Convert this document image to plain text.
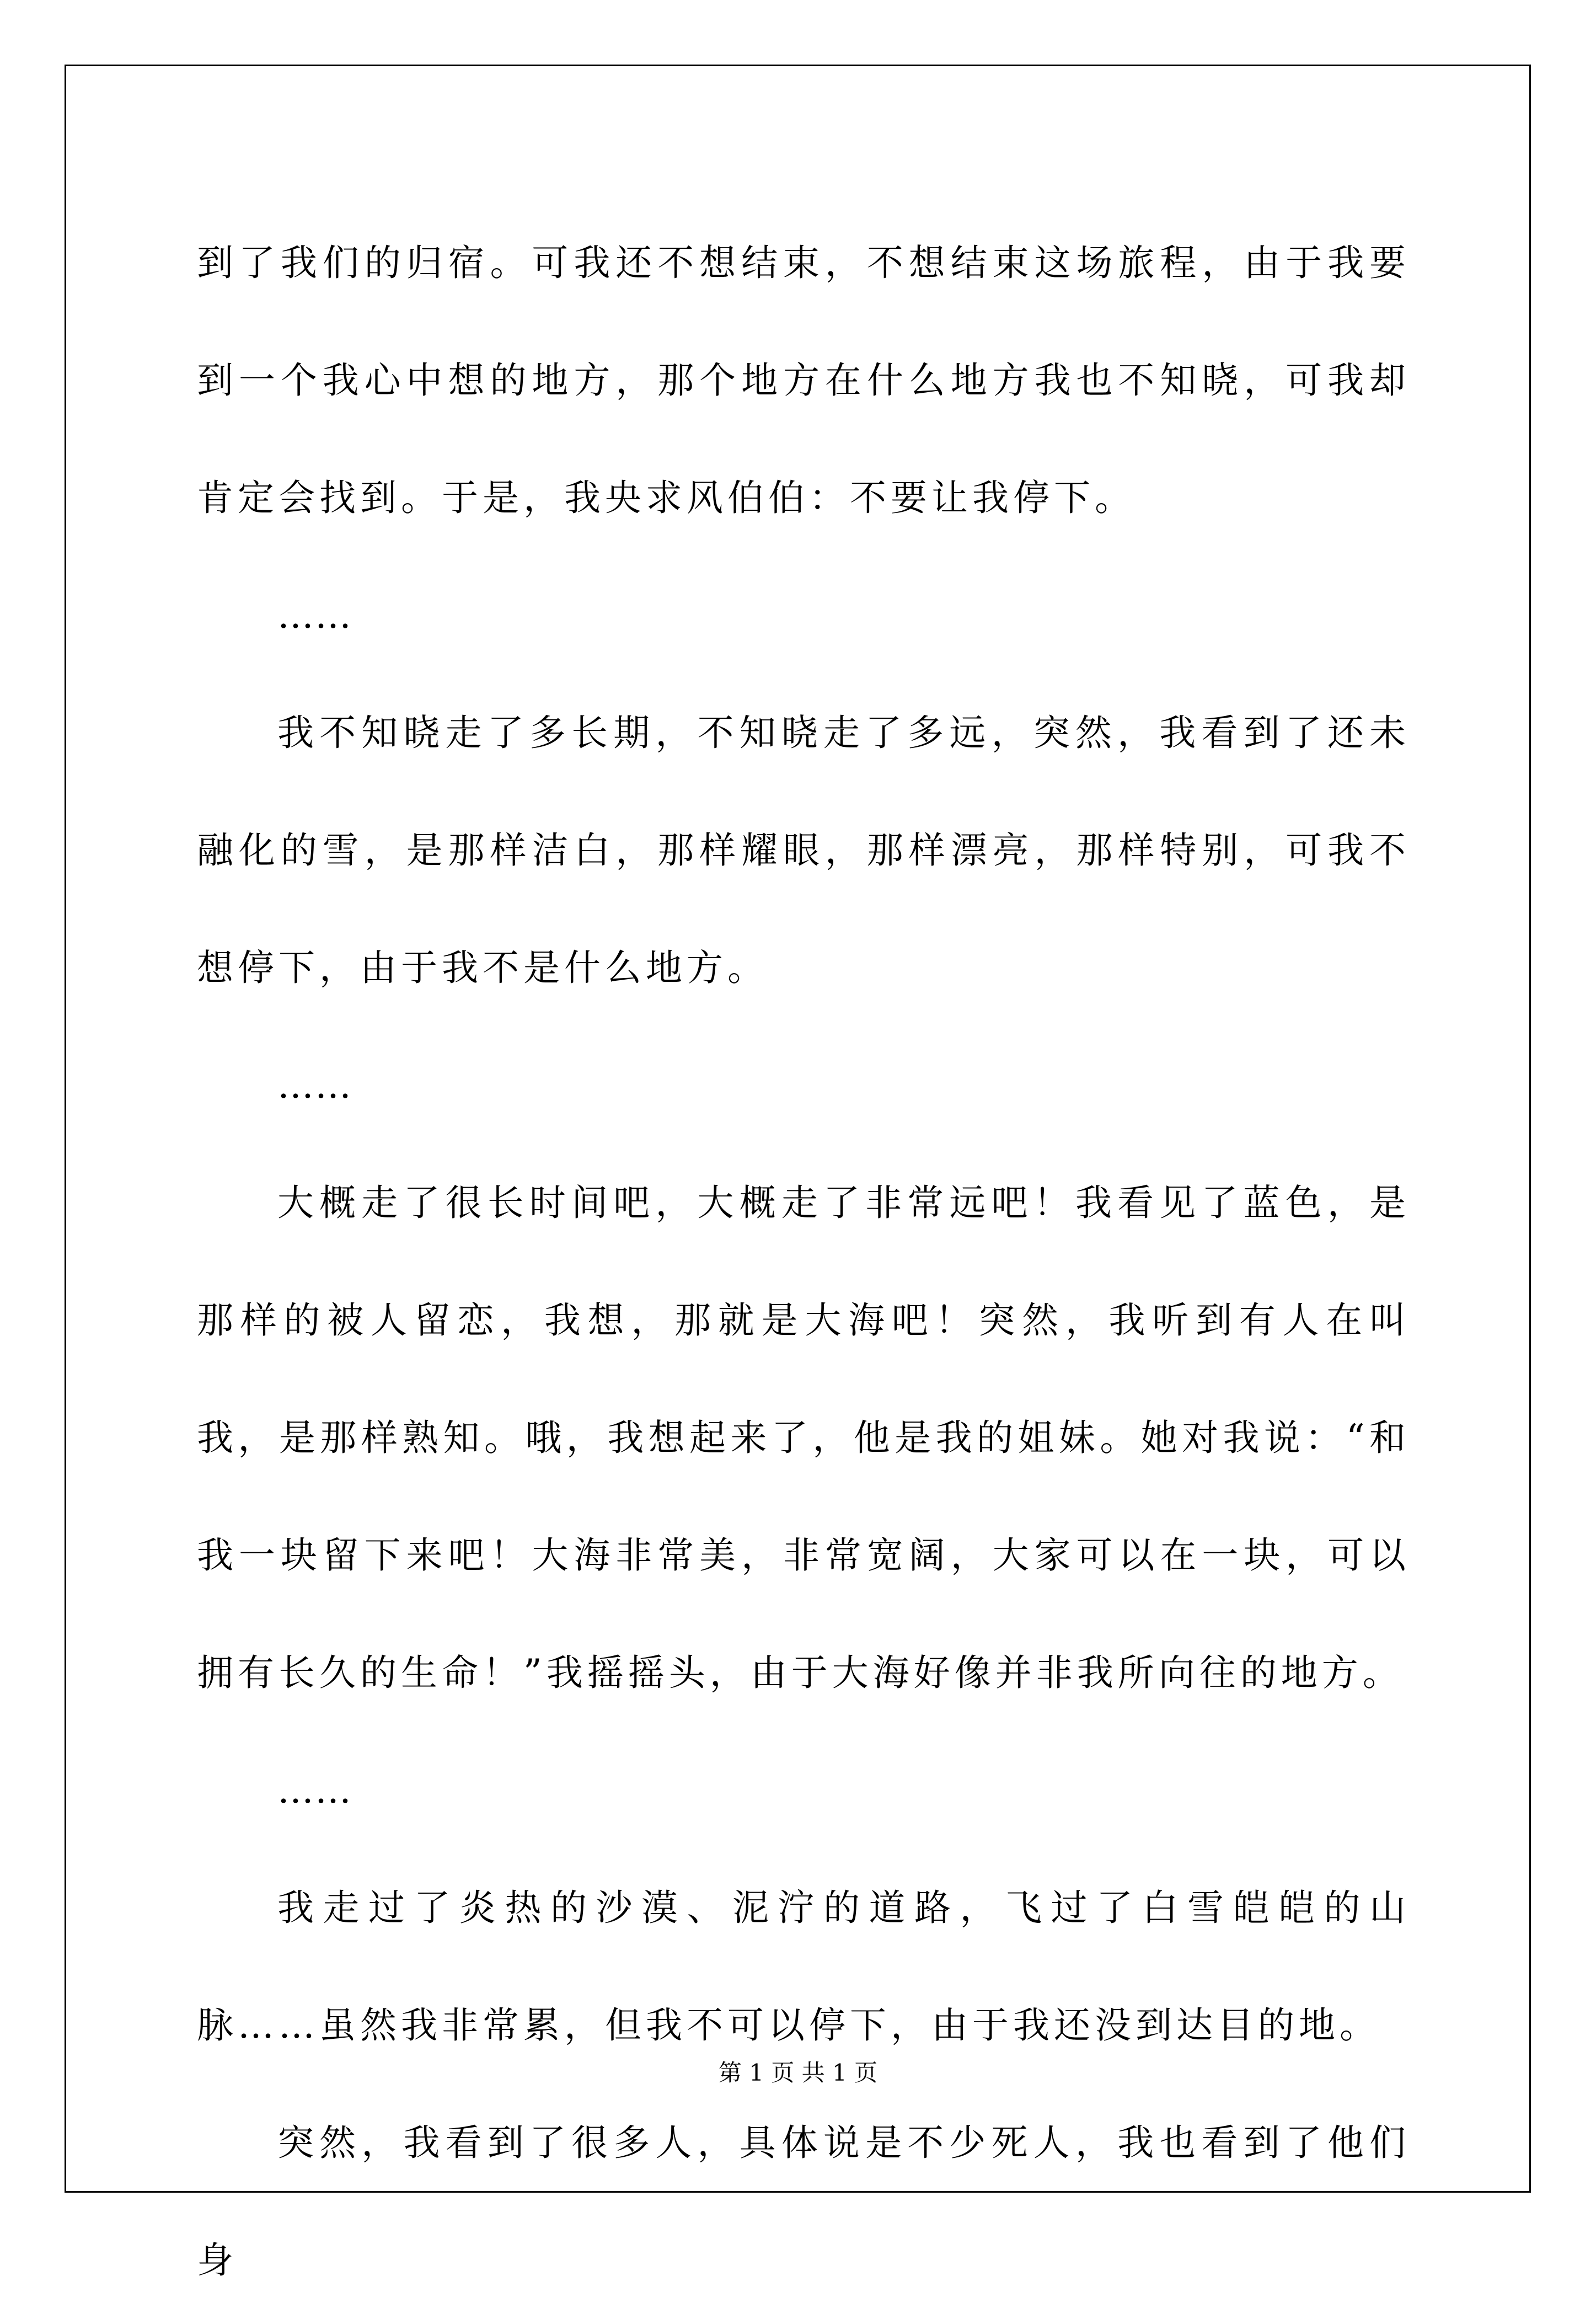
到了我们的归宿。可我还不想结束，不想结束这场旅程，由于我要到一个我心中想的地方，那个地方在什么地方我也不知晓，可我却肯定会找到。于是，我央求风伯伯：不要让我停下。

……

我不知晓走了多长期，不知晓走了多远，突然，我看到了还未融化的雪，是那样洁白，那样耀眼，那样漂亮，那样特别，可我不想停下，由于我不是什么地方。

……

大概走了很长时间吧，大概走了非常远吧！我看见了蓝色，是那样的被人留恋，我想，那就是大海吧！突然，我听到有人在叫我，是那样熟知。哦，我想起来了，他是我的姐妹。她对我说：“和我一块留下来吧！大海非常美，非常宽阔，大家可以在一块，可以拥有长久的生命！”我摇摇头，由于大海好像并非我所向往的地方。

……

我走过了炎热的沙漠、泥泞的道路，飞过了白雪皑皑的山脉……虽然我非常累，但我不可以停下，由于我还没到达目的地。

突然，我看到了很多人，具体说是不少死人，我也看到了他们身

第 1 页 共 1 页
